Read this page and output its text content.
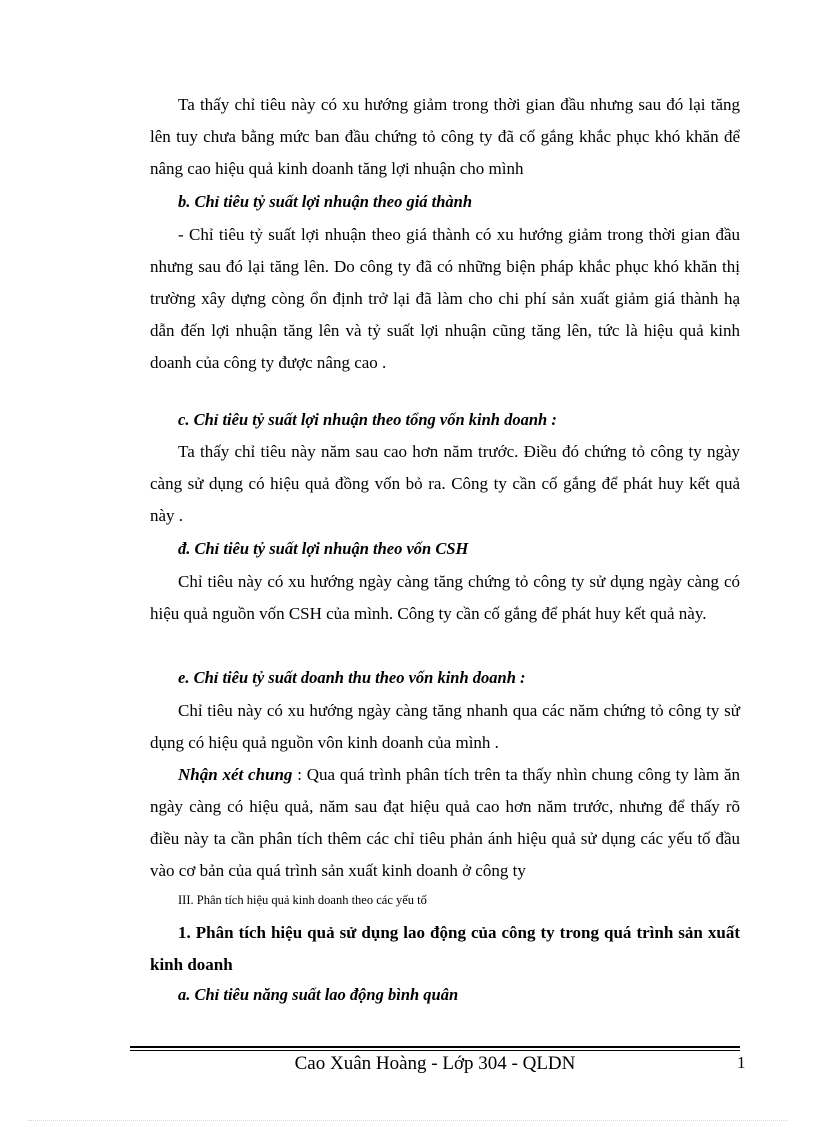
Ta thấy chỉ tiêu này có xu hướng giảm trong thời gian đầu nhưng sau đó lại tăng lên tuy chưa bằng mức ban đầu chứng tỏ công ty đã cố gắng khắc phục khó khăn để nâng cao hiệu quả kinh doanh tăng lợi nhuận cho mình

b. Chỉ tiêu tỷ suất lợi nhuận theo giá thành

- Chỉ tiêu tỷ suất lợi nhuận theo giá thành có xu hướng giảm trong thời gian đầu nhưng sau đó lại tăng lên. Do công ty đã có những biện pháp khắc phục khó khăn thị trường xây dựng còng ổn định trở lại đã làm cho chi phí sản xuất giảm giá thành hạ dẫn đến lợi nhuận tăng lên và tỷ suất lợi nhuận cũng tăng lên, tức là hiệu quả kinh doanh của công ty được nâng cao .

c. Chỉ tiêu tỷ suất lợi nhuận theo tổng vốn kinh doanh :

Ta thấy chỉ tiêu này năm sau cao hơn năm trước. Điều đó chứng tỏ công ty ngày càng sử dụng có hiệu quả đồng vốn bỏ ra. Công ty cần cố gắng để phát huy kết quả này .

đ. Chỉ tiêu tỷ suất lợi nhuận theo vốn CSH

Chỉ tiêu này có xu hướng ngày càng tăng chứng tỏ công ty sử dụng ngày càng có hiệu quả nguồn vốn CSH của mình. Công ty cần cố gắng để phát huy kết quả này.

e. Chỉ tiêu tỷ suất doanh thu theo vốn kinh doanh :

Chỉ tiêu này có xu hướng ngày càng tăng nhanh qua các năm chứng tỏ công ty sử dụng có hiệu quả nguồn vôn kinh doanh của mình .

Nhận xét chung : Qua quá trình phân tích trên ta thấy nhìn chung công ty làm ăn ngày càng có hiệu quả, năm sau đạt hiệu quả cao hơn năm trước, nhưng để thấy rõ điều này ta cần phân tích thêm các chỉ tiêu phản ánh hiệu quả sử dụng các yếu tố đầu vào cơ bản của quá trình sản xuất kinh doanh ở công ty

III. Phân tích hiệu quả kinh doanh theo các yếu tố

1. Phân tích hiệu quả sử dụng lao động của công ty trong quá trình sản xuất kinh doanh

a. Chỉ tiêu năng suất lao động bình quân

Cao Xuân Hoàng - Lớp 304 - QLDN	1
